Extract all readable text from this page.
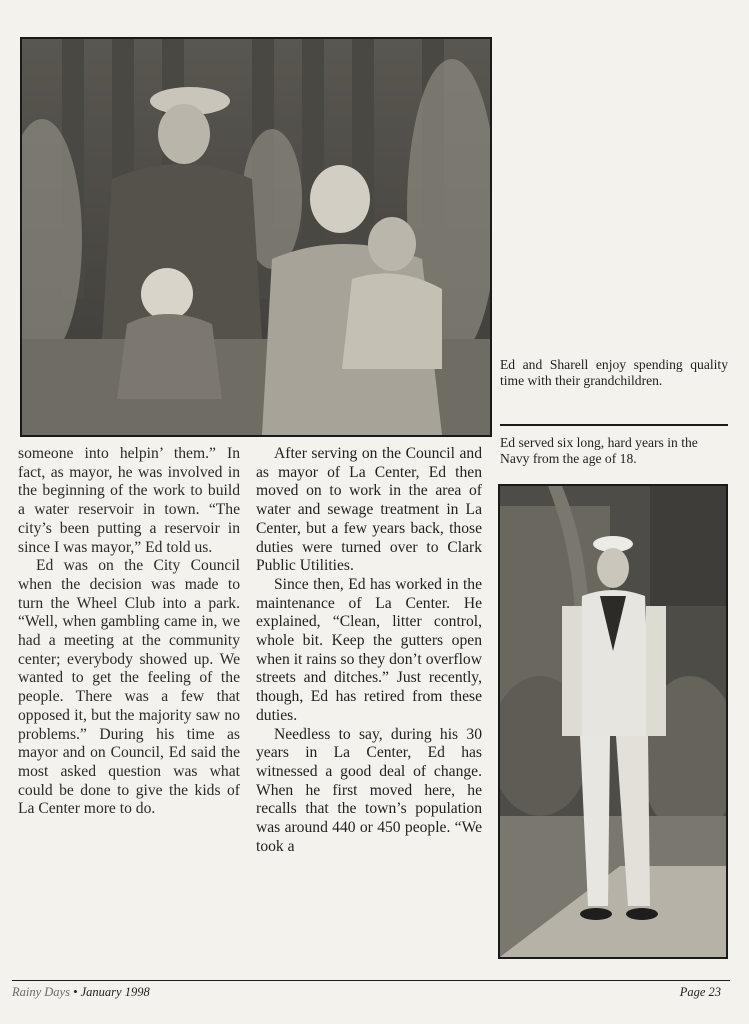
Ed and Sharell enjoy spending quality time with their grandchildren.

Ed served six long, hard years in the Navy from the age of 18.

someone into helpin’ them.” In fact, as mayor, he was involved in the beginning of the work to build a water reservoir in town. “The city’s been putting a reservoir in since I was mayor,” Ed told us.

Ed was on the City Council when the decision was made to turn the Wheel Club into a park. “Well, when gambling came in, we had a meeting at the community center; everybody showed up. We wanted to get the feeling of the people. There was a few that opposed it, but the majority saw no problems.” During his time as mayor and on Council, Ed said the most asked question was what could be done to give the kids of La Center more to do.

After serving on the Council and as mayor of La Center, Ed then moved on to work in the area of water and sewage treatment in La Center, but a few years back, those duties were turned over to Clark Public Utilities.

Since then, Ed has worked in the maintenance of La Center. He explained, “Clean, litter control, whole bit. Keep the gutters open when it rains so they don’t overflow streets and ditches.” Just recently, though, Ed has retired from these duties.

Needless to say, during his 30 years in La Center, Ed has witnessed a good deal of change. When he first moved here, he recalls that the town’s population was around 440 or 450 people. “We took a

Rainy Days • January 1998	Page 23
